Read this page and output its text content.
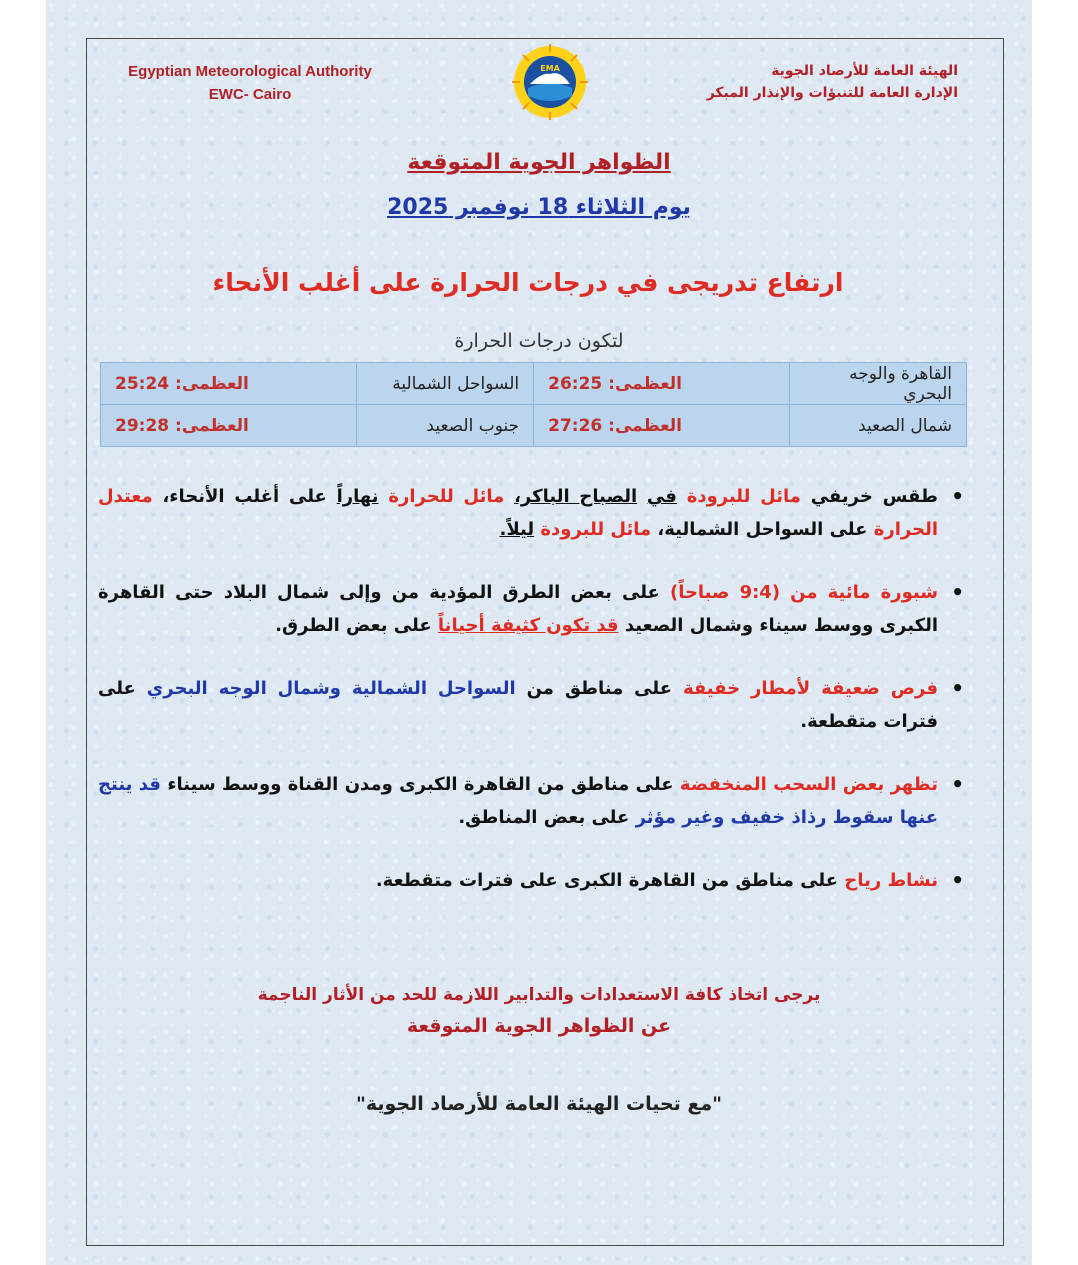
Egyptian Meteorological Authority
EWC- Cairo
EMA	الهيئة العامة للأرصاد الجوية
الإدارة العامة للتنبؤات والإنذار المبكر
الظواهر الجوية المتوقعة
يوم الثلاثاء 18 نوفمبر 2025
ارتفاع تدريجى في درجات الحرارة على أغلب الأنحاء
لتكون درجات الحرارة
القاهرة والوجه البحري	العظمى: 26:25	السواحل الشمالية	العظمى: 25:24
شمال الصعيد	العظمى: 27:26	جنوب الصعيد	العظمى: 29:28
• طقس خريفي مائل للبرودة في الصباح الباكر، مائل للحرارة نهاراً على أغلب الأنحاء، معتدل الحرارة على السواحل الشمالية، مائل للبرودة ليلاً.
• شبورة مائية من (9:4 صباحاً) على بعض الطرق المؤدية من وإلى شمال البلاد حتى القاهرة الكبرى ووسط سيناء وشمال الصعيد قد تكون كثيفة أحياناً على بعض الطرق.
• فرص ضعيفة لأمطار خفيفة على مناطق من السواحل الشمالية وشمال الوجه البحري على فترات متقطعة.
• تظهر بعض السحب المنخفضة على مناطق من القاهرة الكبرى ومدن القناة ووسط سيناء قد ينتج عنها سقوط رذاذ خفيف وغير مؤثر على بعض المناطق.
• نشاط رياح على مناطق من القاهرة الكبرى على فترات متقطعة.
يرجى اتخاذ كافة الاستعدادات والتدابير اللازمة للحد من الأثار الناجمة
عن الظواهر الجوية المتوقعة
"مع تحيات الهيئة العامة للأرصاد الجوية"
